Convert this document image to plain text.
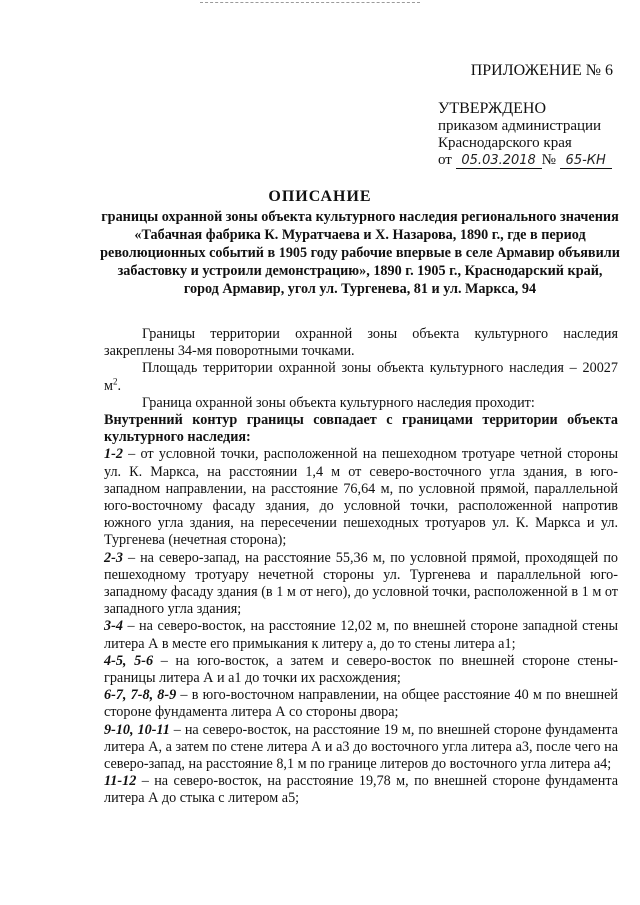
ПРИЛОЖЕНИЕ № 6
УТВЕРЖДЕНО
приказом администрации
Краснодарского края
от 05.03.2018 № 65-КН
ОПИСАНИЕ
границы охранной зоны объекта культурного наследия регионального значения «Табачная фабрика К. Муратчаева и Х. Назарова, 1890 г., где в период революционных событий в 1905 году рабочие впервые в селе Армавир объявили забастовку и устроили демонстрацию», 1890 г. 1905 г., Краснодарский край, город Армавир, угол ул. Тургенева, 81 и ул. Маркса, 94

Границы территории охранной зоны объекта культурного наследия закреплены 34-мя поворотными точками.

Площадь территории охранной зоны объекта культурного наследия – 20027 $м^2$.

Граница охранной зоны объекта культурного наследия проходит:

Внутренний контур границы совпадает с границами территории объекта культурного наследия:

1-2 – от условной точки, расположенной на пешеходном тротуаре четной стороны ул. К. Маркса, на расстоянии 1,4 м от северо-восточного угла здания, в юго-западном направлении, на расстояние 76,64 м, по условной прямой, параллельной юго-восточному фасаду здания, до условной точки, расположенной напротив южного угла здания, на пересечении пешеходных тротуаров ул. К. Маркса и ул. Тургенева (нечетная сторона);

2-3 – на северо-запад, на расстояние 55,36 м, по условной прямой, проходящей по пешеходному тротуару нечетной стороны ул. Тургенева и параллельной юго-западному фасаду здания (в 1 м от него), до условной точки, расположенной в 1 м от западного угла здания;

3-4 – на северо-восток, на расстояние 12,02 м, по внешней стороне западной стены литера А в месте его примыкания к литеру а, до то стены литера а1;

4-5, 5-6 – на юго-восток, а затем и северо-восток по внешней стороне стены-границы литера А и а1 до точки их расхождения;

6-7, 7-8, 8-9 – в юго-восточном направлении, на общее расстояние 40 м по внешней стороне фундамента литера А со стороны двора;

9-10, 10-11 – на северо-восток, на расстояние 19 м, по внешней стороне фундамента литера А, а затем по стене литера А и а3 до восточного угла литера а3, после чего на северо-запад, на расстояние 8,1 м по границе литеров до восточного угла литера а4;

11-12 – на северо-восток, на расстояние 19,78 м, по внешней стороне фундамента литера А до стыка с литером а5;
